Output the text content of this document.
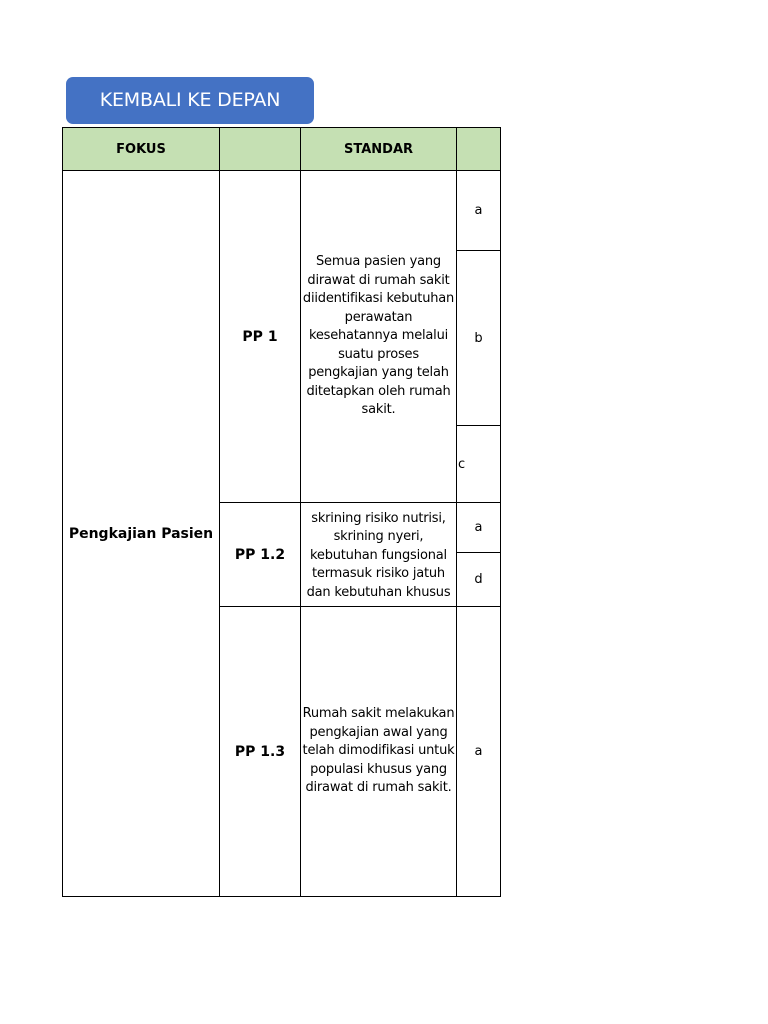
KEMBALI KE DEPAN
FOKUS		STANDAR	
Pengkajian Pasien	PP 1	Semua pasien yang dirawat di rumah sakit diidentifikasi kebutuhan perawatan kesehatannya melalui suatu proses pengkajian yang telah ditetapkan oleh rumah sakit.	a
			b
			c
	PP 1.2	skrining risiko nutrisi, skrining nyeri, kebutuhan fungsional termasuk risiko jatuh dan kebutuhan khusus	a
			d
	PP 1.3	Rumah sakit melakukan pengkajian awal yang telah dimodifikasi untuk populasi khusus yang dirawat di rumah sakit.	a
